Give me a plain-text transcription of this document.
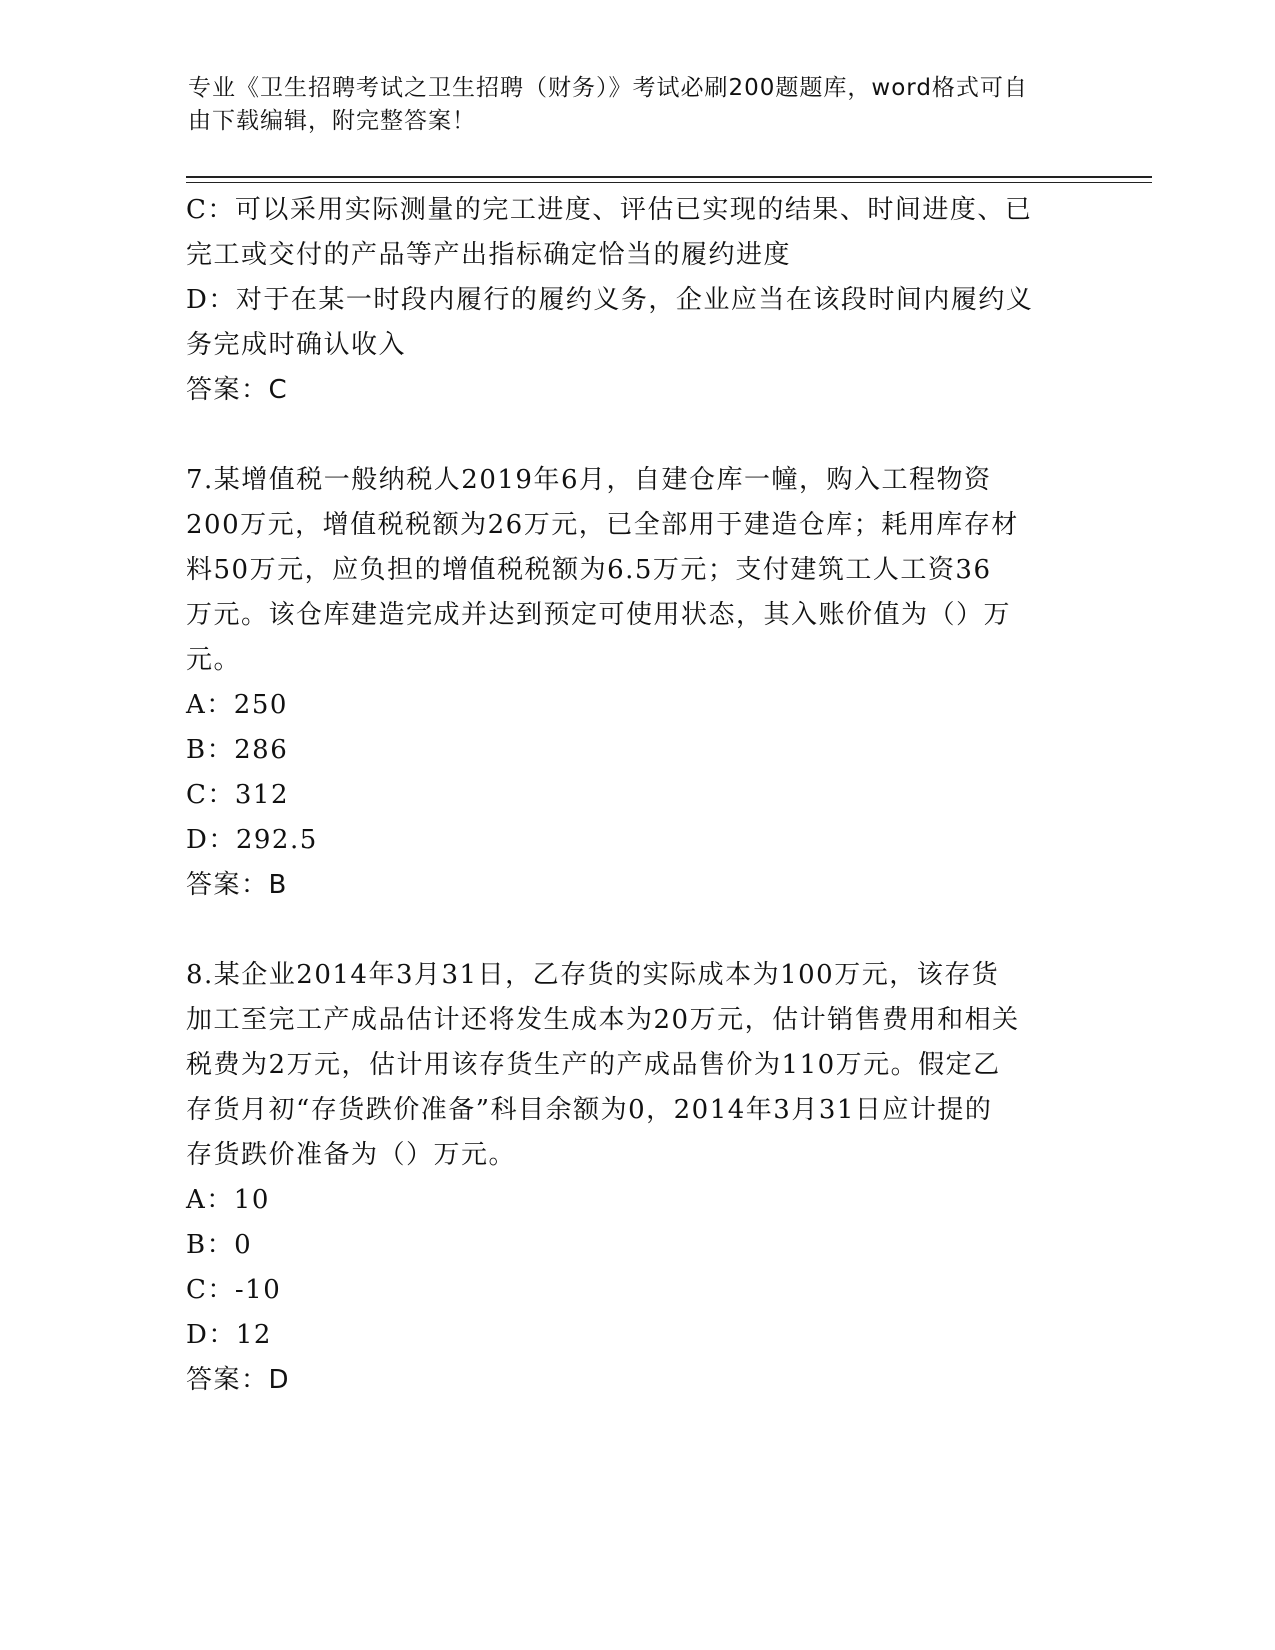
专业《卫生招聘考试之卫生招聘（财务）》考试必刷200题题库，word格式可自
由下载编辑，附完整答案！
C：可以采用实际测量的完工进度、评估已实现的结果、时间进度、已
完工或交付的产品等产出指标确定恰当的履约进度
D：对于在某一时段内履行的履约义务，企业应当在该段时间内履约义
务完成时确认收入
答案：C
7.某增值税一般纳税人2019年6月，自建仓库一幢，购入工程物资
200万元，增值税税额为26万元，已全部用于建造仓库；耗用库存材
料50万元，应负担的增值税税额为6.5万元；支付建筑工人工资36
万元。该仓库建造完成并达到预定可使用状态，其入账价值为（）万
元。
A：250
B：286
C：312
D：292.5
答案：B
8.某企业2014年3月31日，乙存货的实际成本为100万元，该存货
加工至完工产成品估计还将发生成本为20万元，估计销售费用和相关
税费为2万元，估计用该存货生产的产成品售价为110万元。假定乙
存货月初“存货跌价准备”科目余额为0，2014年3月31日应计提的
存货跌价准备为（）万元。
A：10
B：0
C：-10
D：12
答案：D
